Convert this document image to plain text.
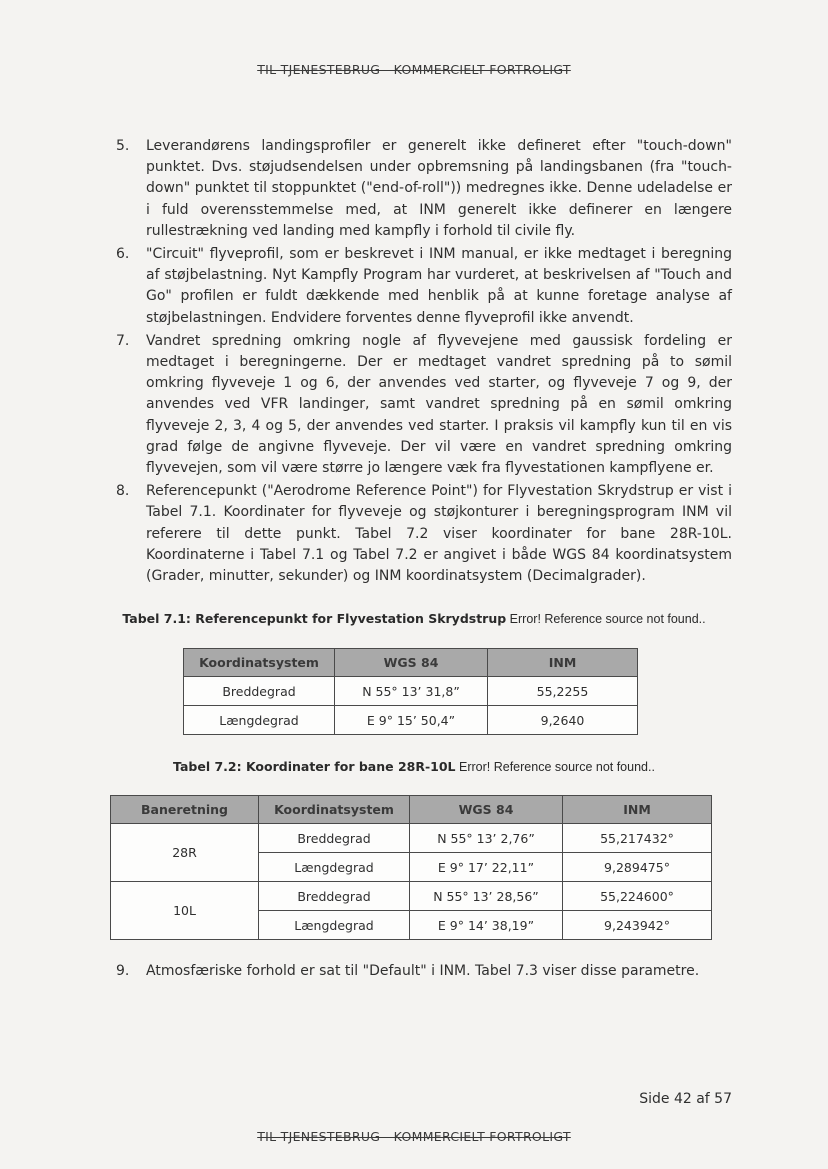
TIL TJENESTEBRUG - KOMMERCIELT FORTROLIGT
5. Leverandørens landingsprofiler er generelt ikke defineret efter "touch-down" punktet. Dvs. støjudsendelsen under opbremsning på landingsbanen (fra "touch-down" punktet til stoppunktet ("end-of-roll")) medregnes ikke. Denne udeladelse er i fuld overensstemmelse med, at INM generelt ikke definerer en længere rullestrækning ved landing med kampfly i forhold til civile fly.
6. "Circuit" flyveprofil, som er beskrevet i INM manual, er ikke medtaget i beregning af støjbelastning. Nyt Kampfly Program har vurderet, at beskrivelsen af "Touch and Go" profilen er fuldt dækkende med henblik på at kunne foretage analyse af støjbelastningen. Endvidere forventes denne flyveprofil ikke anvendt.
7. Vandret spredning omkring nogle af flyvevejene med gaussisk fordeling er medtaget i beregningerne. Der er medtaget vandret spredning på to sømil omkring flyveveje 1 og 6, der anvendes ved starter, og flyveveje 7 og 9, der anvendes ved VFR landinger, samt vandret spredning på en sømil omkring flyveveje 2, 3, 4 og 5, der anvendes ved starter. I praksis vil kampfly kun til en vis grad følge de angivne flyveveje. Der vil være en vandret spredning omkring flyvevejen, som vil være større jo længere væk fra flyvestationen kampflyene er.
8. Referencepunkt ("Aerodrome Reference Point") for Flyvestation Skrydstrup er vist i Tabel 7.1. Koordinater for flyveveje og støjkonturer i beregningsprogram INM vil referere til dette punkt. Tabel 7.2 viser koordinater for bane 28R-10L. Koordinaterne i Tabel 7.1 og Tabel 7.2 er angivet i både WGS 84 koordinatsystem (Grader, minutter, sekunder) og INM koordinatsystem (Decimalgrader).
Tabel 7.1: Referencepunkt for Flyvestation Skrydstrup Error! Reference source not found..
Koordinatsystem	WGS 84	INM
Breddegrad	N 55° 13’ 31,8”	55,2255
Længdegrad	E 9° 15’ 50,4”	9,2640
Tabel 7.2: Koordinater for bane 28R-10L Error! Reference source not found..
Baneretning	Koordinatsystem	WGS 84	INM
28R	Breddegrad	N 55° 13’ 2,76”	55,217432°
	Længdegrad	E 9° 17’ 22,11”	9,289475°
10L	Breddegrad	N 55° 13’ 28,56”	55,224600°
	Længdegrad	E 9° 14’ 38,19”	9,243942°
9. Atmosfæriske forhold er sat til "Default" i INM. Tabel 7.3 viser disse parametre.
Side 42 af 57
TIL TJENESTEBRUG - KOMMERCIELT FORTROLIGT
